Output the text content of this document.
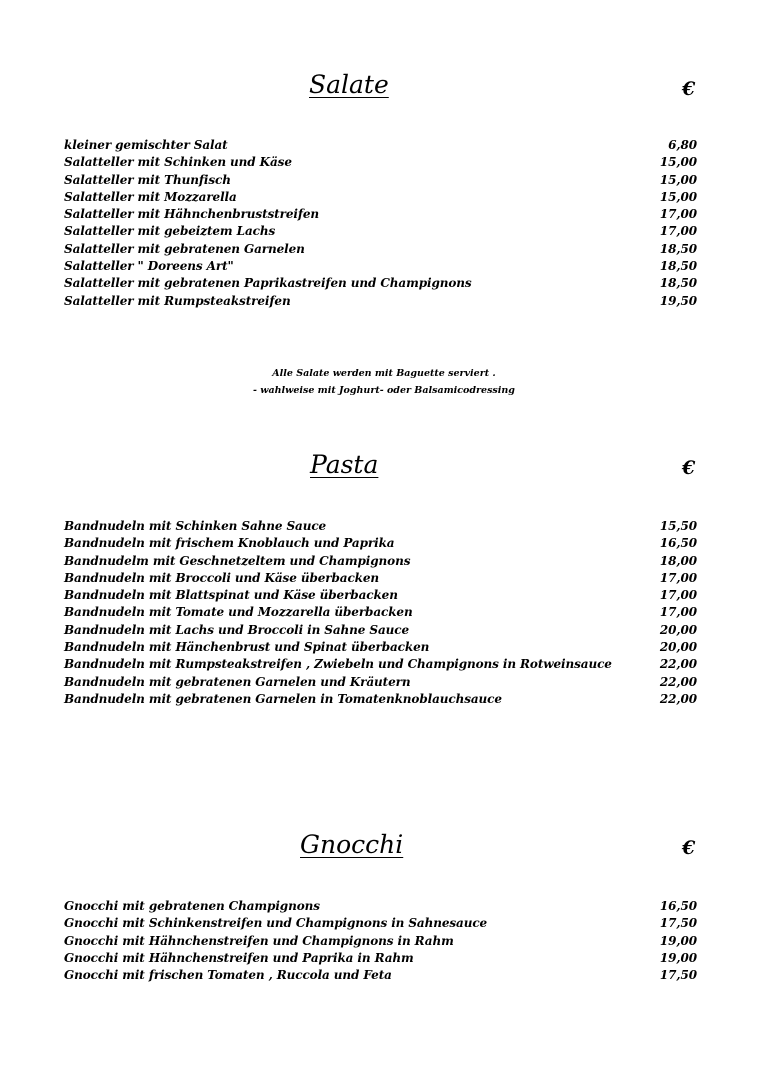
Salate	€
kleiner gemischter Salat	6,80
Salatteller mit Schinken und Käse	15,00
Salatteller mit Thunfisch	15,00
Salatteller mit Mozzarella	15,00
Salatteller mit Hähnchenbruststreifen	17,00
Salatteller mit gebeiztem Lachs	17,00
Salatteller mit gebratenen Garnelen	18,50
Salatteller " Doreens Art"	18,50
Salatteller mit gebratenen Paprikastreifen und Champignons	18,50
Salatteller mit Rumpsteakstreifen	19,50
Alle Salate werden mit Baguette serviert .
- wahlweise mit Joghurt- oder Balsamicodressing
Pasta	€
Bandnudeln mit Schinken Sahne Sauce	15,50
Bandnudeln mit frischem Knoblauch und Paprika	16,50
Bandnudelm mit Geschnetzeltem und Champignons	18,00
Bandnudeln mit Broccoli und Käse überbacken	17,00
Bandnudeln mit Blattspinat und Käse überbacken	17,00
Bandnudeln mit Tomate und Mozzarella überbacken	17,00
Bandnudeln mit Lachs und Broccoli in Sahne Sauce	20,00
Bandnudeln mit Hänchenbrust und Spinat überbacken	20,00
Bandnudeln mit Rumpsteakstreifen , Zwiebeln und Champignons in Rotweinsauce	22,00
Bandnudeln mit gebratenen Garnelen und Kräutern	22,00
Bandnudeln mit gebratenen Garnelen in Tomatenknoblauchsauce	22,00
Gnocchi	€
Gnocchi mit gebratenen Champignons	16,50
Gnocchi mit Schinkenstreifen und Champignons in Sahnesauce	17,50
Gnocchi mit Hähnchenstreifen und Champignons in Rahm	19,00
Gnocchi mit Hähnchenstreifen und Paprika in Rahm	19,00
Gnocchi mit frischen Tomaten , Ruccola und Feta	17,50
